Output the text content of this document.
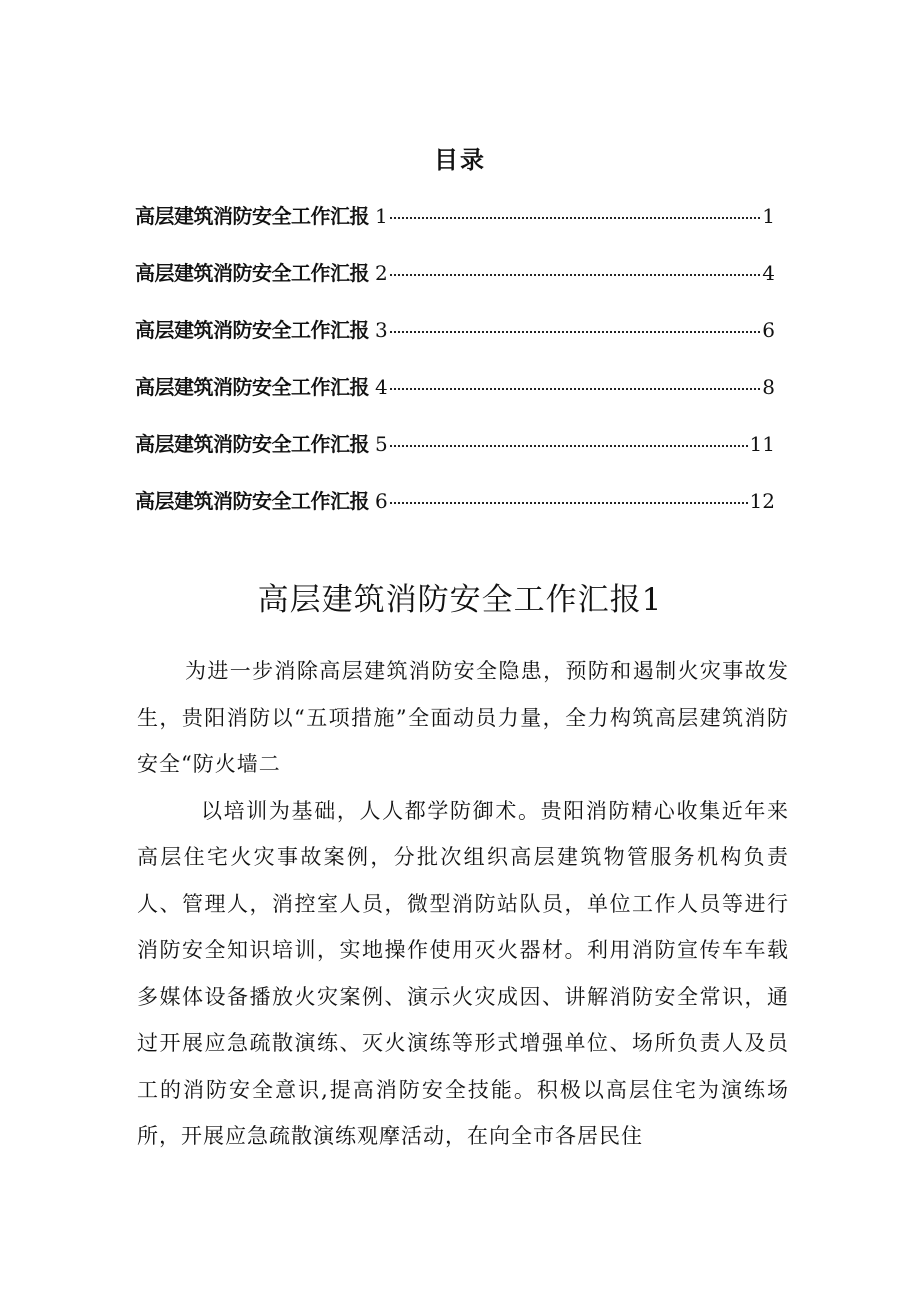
目录
高层建筑消防安全工作汇报 1	1
高层建筑消防安全工作汇报 2	4
高层建筑消防安全工作汇报 3	6
高层建筑消防安全工作汇报 4	8
高层建筑消防安全工作汇报 5	11
高层建筑消防安全工作汇报 6	12
高层建筑消防安全工作汇报1

为进一步消除高层建筑消防安全隐患，预防和遏制火灾事故发生，贵阳消防以“五项措施”全面动员力量，全力构筑高层建筑消防安全“防火墙二

以培训为基础，人人都学防御术。贵阳消防精心收集近年来高层住宅火灾事故案例，分批次组织高层建筑物管服务机构负责人、管理人，消控室人员，微型消防站队员，单位工作人员等进行消防安全知识培训，实地操作使用灭火器材。利用消防宣传车车载多媒体设备播放火灾案例、演示火灾成因、讲解消防安全常识，通过开展应急疏散演练、灭火演练等形式增强单位、场所负责人及员工的消防安全意识,提高消防安全技能。积极以高层住宅为演练场所，开展应急疏散演练观摩活动，在向全市各居民住
